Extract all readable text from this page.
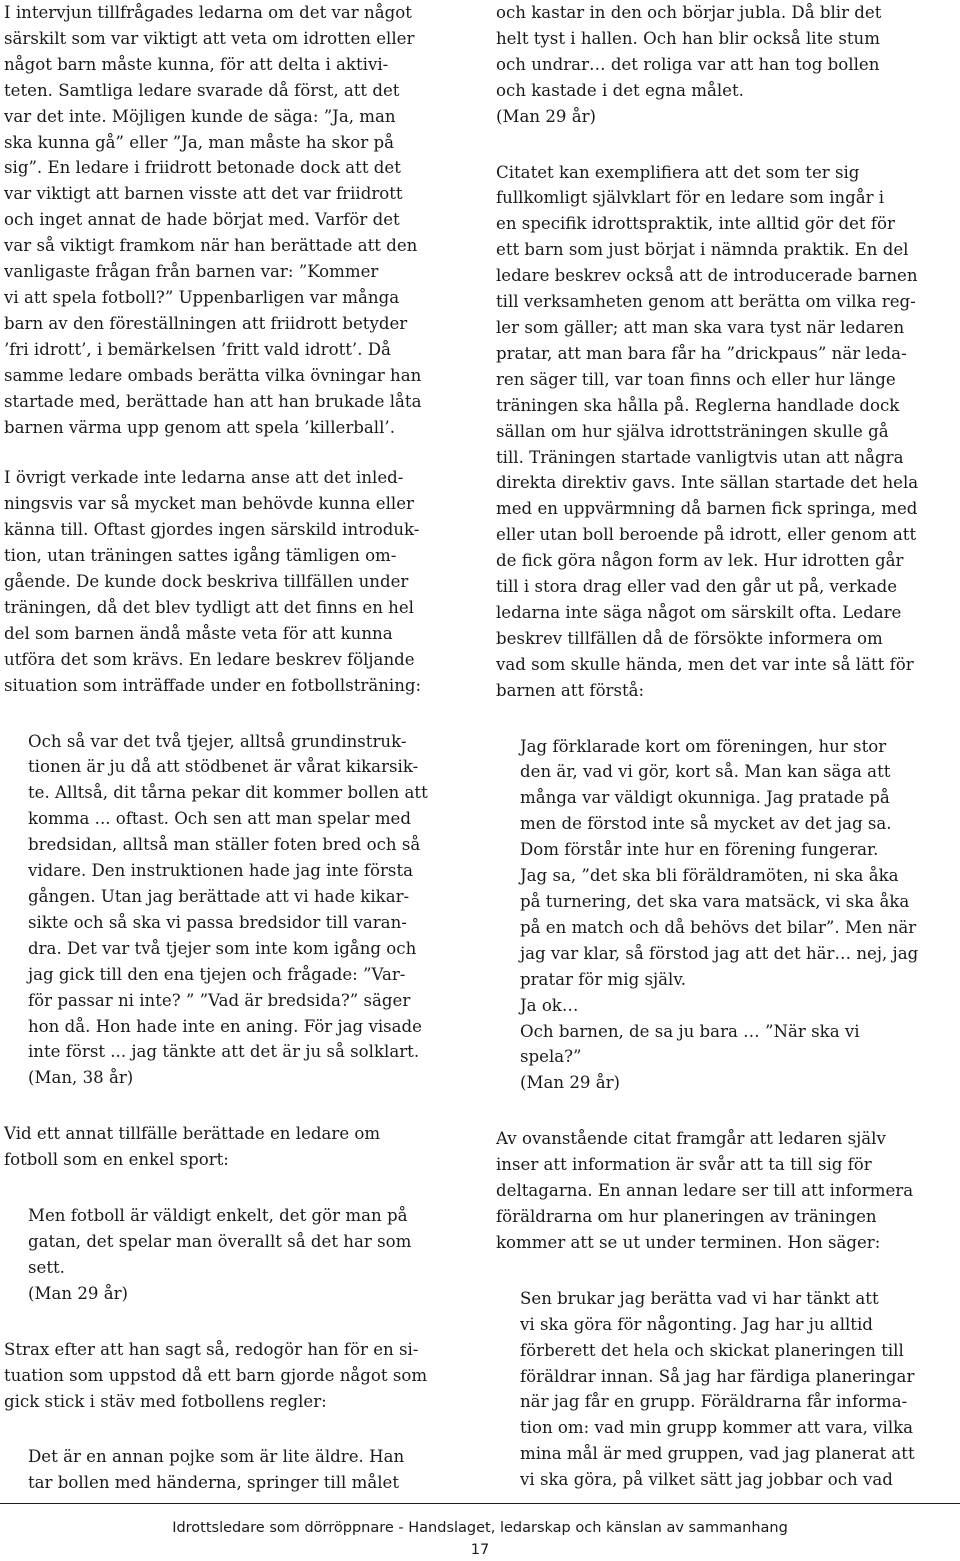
I intervjun tillfrågades ledarna om det var något
särskilt som var viktigt att veta om idrotten eller
något barn måste kunna, för att delta i aktivi-
teten. Samtliga ledare svarade då först, att det
var det inte. Möjligen kunde de säga: ”Ja, man
ska kunna gå” eller ”Ja, man måste ha skor på
sig”. En ledare i friidrott betonade dock att det
var viktigt att barnen visste att det var friidrott
och inget annat de hade börjat med. Varför det
var så viktigt framkom när han berättade att den
vanligaste frågan från barnen var: ”Kommer
vi att spela fotboll?” Uppenbarligen var många
barn av den föreställningen att friidrott betyder
’fri idrott’, i bemärkelsen ’fritt vald idrott’. Då
samme ledare ombads berätta vilka övningar han
startade med, berättade han att han brukade låta
barnen värma upp genom att spela ’killerball’.

I övrigt verkade inte ledarna anse att det inled-
ningsvis var så mycket man behövde kunna eller
känna till. Oftast gjordes ingen särskild introduk-
tion, utan träningen sattes igång tämligen om-
gående. De kunde dock beskriva tillfällen under
träningen, då det blev tydligt att det finns en hel
del som barnen ändå måste veta för att kunna
utföra det som krävs. En ledare beskrev följande
situation som inträffade under en fotbollsträning:

Och så var det två tjejer, alltså grundinstruk-
tionen är ju då att stödbenet är vårat kikarsik-
te. Alltså, dit tårna pekar dit kommer bollen att
komma ... oftast. Och sen att man spelar med
bredsidan, alltså man ställer foten bred och så
vidare. Den instruktionen hade jag inte första
gången. Utan jag berättade att vi hade kikar-
sikte och så ska vi passa bredsidor till varan-
dra. Det var två tjejer som inte kom igång och
jag gick till den ena tjejen och frågade: ”Var-
för passar ni inte? ” ”Vad är bredsida?” säger
hon då. Hon hade inte en aning. För jag visade
inte först ... jag tänkte att det är ju så solklart.
(Man, 38 år)

Vid ett annat tillfälle berättade en ledare om
fotboll som en enkel sport:

Men fotboll är väldigt enkelt, det gör man på
gatan, det spelar man överallt så det har som
sett.
(Man 29 år)

Strax efter att han sagt så, redogör han för en si-
tuation som uppstod då ett barn gjorde något som
gick stick i stäv med fotbollens regler:

Det är en annan pojke som är lite äldre. Han
tar bollen med händerna, springer till målet

och kastar in den och börjar jubla. Då blir det
helt tyst i hallen. Och han blir också lite stum
och undrar… det roliga var att han tog bollen
och kastade i det egna målet.
(Man 29 år)

Citatet kan exemplifiera att det som ter sig
fullkomligt självklart för en ledare som ingår i
en specifik idrottspraktik, inte alltid gör det för
ett barn som just börjat i nämnda praktik. En del
ledare beskrev också att de introducerade barnen
till verksamheten genom att berätta om vilka reg-
ler som gäller; att man ska vara tyst när ledaren
pratar, att man bara får ha ”drickpaus” när leda-
ren säger till, var toan finns och eller hur länge
träningen ska hålla på. Reglerna handlade dock
sällan om hur själva idrottsträningen skulle gå
till. Träningen startade vanligtvis utan att några
direkta direktiv gavs. Inte sällan startade det hela
med en uppvärmning då barnen fick springa, med
eller utan boll beroende på idrott, eller genom att
de fick göra någon form av lek. Hur idrotten går
till i stora drag eller vad den går ut på, verkade
ledarna inte säga något om särskilt ofta. Ledare
beskrev tillfällen då de försökte informera om
vad som skulle hända, men det var inte så lätt för
barnen att förstå:

Jag förklarade kort om föreningen, hur stor
den är, vad vi gör, kort så. Man kan säga att
många var väldigt okunniga. Jag pratade på
men de förstod inte så mycket av det jag sa.
Dom förstår inte hur en förening fungerar.
Jag sa, ”det ska bli föräldramöten, ni ska åka
på turnering, det ska vara matsäck, vi ska åka
på en match och då behövs det bilar”. Men när
jag var klar, så förstod jag att det här… nej, jag
pratar för mig själv.
Ja ok…
Och barnen, de sa ju bara … ”När ska vi
spela?”
(Man 29 år)

Av ovanstående citat framgår att ledaren själv
inser att information är svår att ta till sig för
deltagarna. En annan ledare ser till att informera
föräldrarna om hur planeringen av träningen
kommer att se ut under terminen. Hon säger:

Sen brukar jag berätta vad vi har tänkt att
vi ska göra för någonting. Jag har ju alltid
förberett det hela och skickat planeringen till
föräldrar innan. Så jag har färdiga planeringar
när jag får en grupp. Föräldrarna får informa-
tion om: vad min grupp kommer att vara, vilka
mina mål är med gruppen, vad jag planerat att
vi ska göra, på vilket sätt jag jobbar och vad

Idrottsledare som dörröppnare - Handslaget, ledarskap och känslan av sammanhang
17
